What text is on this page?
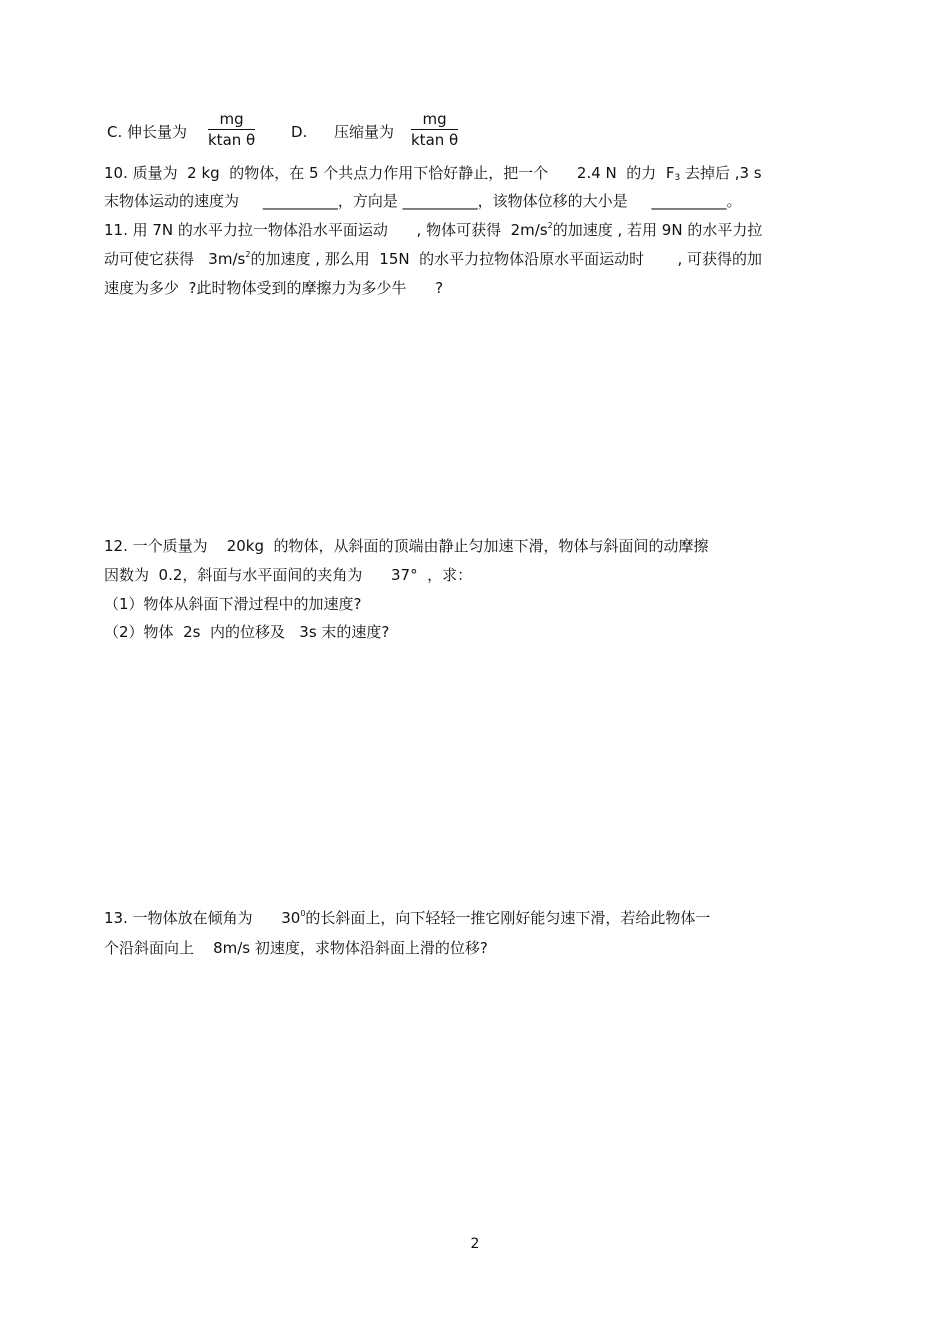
C. 伸长量为 $\frac{mg}{\text{ktan θ}} D$. 压缩量为 $\frac{mg}{\text{ktan θ}}$
10. 质量为  2 kg  的物体，在 5 个共点力作用下恰好静止，把一个      2.4 N  的力  $F_3$ 去掉后 ,3 s
末物体运动的速度为     __________，方向是 __________，该物体位移的大小是     __________。
11. 用 7N 的水平力拉一物体沿水平面运动      , 物体可获得  $2m/s^2$的加速度 , 若用 9N 的水平力拉
动可使它获得   $3m/s^2$的加速度 , 那么用  15N  的水平力拉物体沿原水平面运动时       , 可获得的加
速度为多少  ?此时物体受到的摩擦力为多少牛      ?
12. 一个质量为    20kg  的物体，从斜面的顶端由静止匀加速下滑，物体与斜面间的动摩擦
因数为  0.2，斜面与水平面间的夹角为      37°  ，求：
（1）物体从斜面下滑过程中的加速度?
（2）物体  2s  内的位移及   3s 末的速度?
13. 一物体放在倾角为      $30^0$的长斜面上，向下轻轻一推它刚好能匀速下滑，若给此物体一
个沿斜面向上    8m/s 初速度，求物体沿斜面上滑的位移?
2
